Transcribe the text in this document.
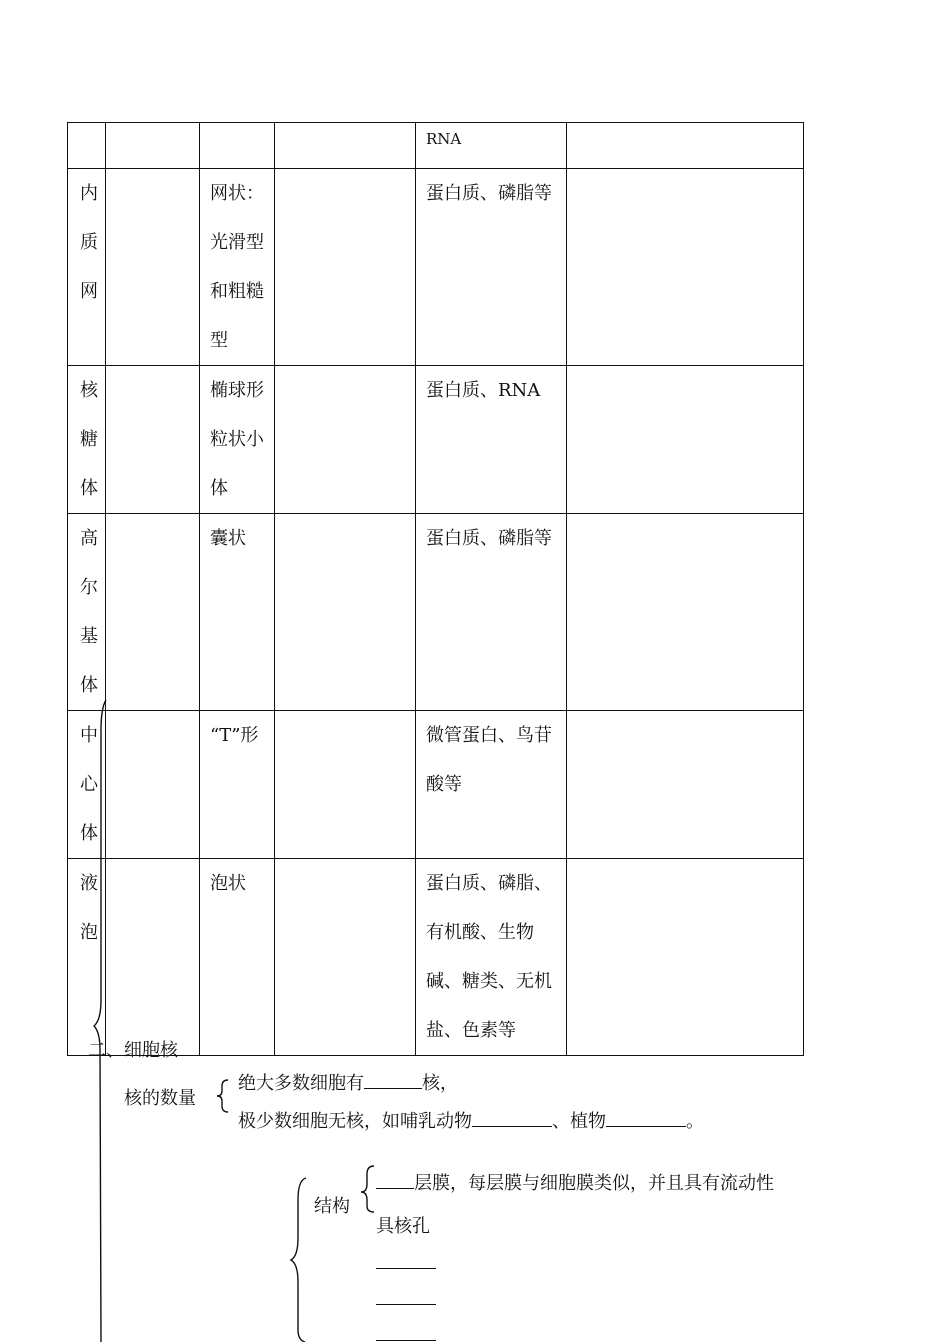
				RNA	

内质网		网状：光滑型和粗糙型		蛋白质、磷脂等	

核糖体		椭球形粒状小体		蛋白质、RNA	

高尔基体		囊状		蛋白质、磷脂等	

中心体		“T”形		微管蛋白、鸟苷酸等	

液泡		泡状		蛋白质、磷脂、有机酸、生物碱、糖类、无机盐、色素等	

二、细胞核
核的数量
绝大多数细胞有	核，
极少数细胞无核，如哺乳动物	、植物	。
结构
层膜，每层膜与细胞膜类似，并且具有流动性
具核孔
